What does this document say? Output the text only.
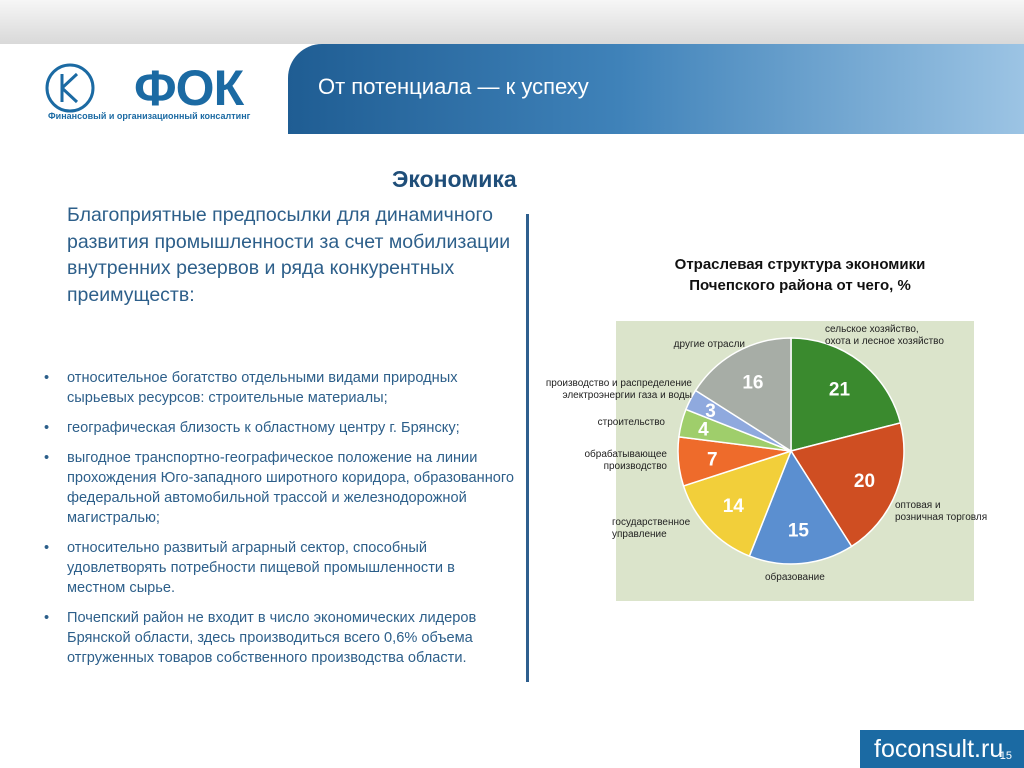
От потенциала — к успеху
ФОК
Финансовый и организационный консалтинг
Экономика
Благоприятные предпосылки для динамичного развития промышленности за счет мобилизации внутренних резервов и ряда конкурентных преимуществ:
• относительное богатство отдельными видами природных сырьевых ресурсов: строительные материалы;
• географическая близость к областному центру г. Брянску;
• выгодное транспортно-географическое положение на линии прохождения Юго-западного широтного коридора, образованного федеральной автомобильной трассой и железнодорожной магистралью;
• относительно развитый аграрный сектор, способный удовлетворять потребности пищевой промышленности в местном сырье.
• Почепский район не входит в число экономических лидеров Брянской области, здесь производиться всего 0,6% объема отгруженных товаров собственного производства области.
Отраслевая структура экономики
Почепского района от чего, %
21
сельское хозяйство, охота и лесное хозяйство
20
оптовая и розничная торговля
15
образование
14
государственное управление
7
обрабатывающее производство
4
строительство
3
производство и распределение электроэнергии газа и воды
16
другие отрасли
foconsult.ru
15
